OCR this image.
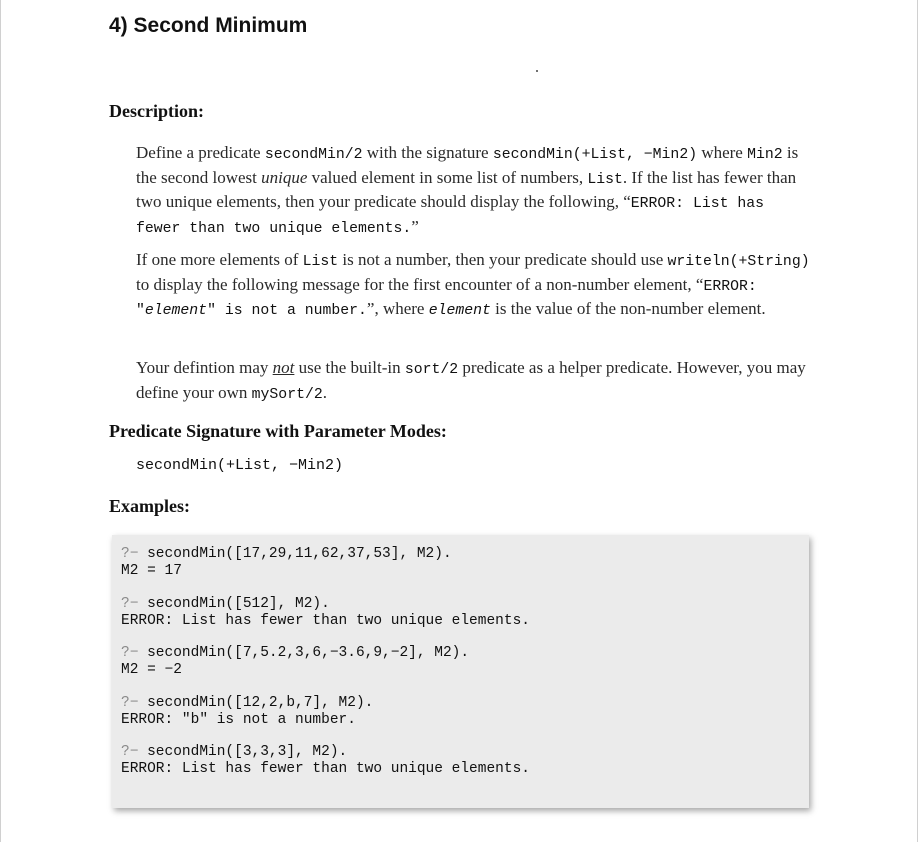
4) Second Minimum
Description:
Define a predicate secondMin/2 with the signature secondMin(+List, −Min2) where Min2 is the second lowest unique valued element in some list of numbers, List. If the list has fewer than two unique elements, then your predicate should display the following, “ERROR: List has fewer than two unique elements.”
If one more elements of List is not a number, then your predicate should use writeln(+String) to display the following message for the first encounter of a non-number element, “ERROR: "element" is not a number.”, where element is the value of the non-number element.
Your defintion may not use the built-in sort/2 predicate as a helper predicate. However, you may define your own mySort/2.
Predicate Signature with Parameter Modes:
secondMin(+List, −Min2)
Examples:
?− secondMin([17,29,11,62,37,53], M2).
M2 = 17
?− secondMin([512], M2).
ERROR: List has fewer than two unique elements.
?− secondMin([7,5.2,3,6,−3.6,9,−2], M2).
M2 = −2
?− secondMin([12,2,b,7], M2).
ERROR: "b" is not a number.
?− secondMin([3,3,3], M2).
ERROR: List has fewer than two unique elements.
